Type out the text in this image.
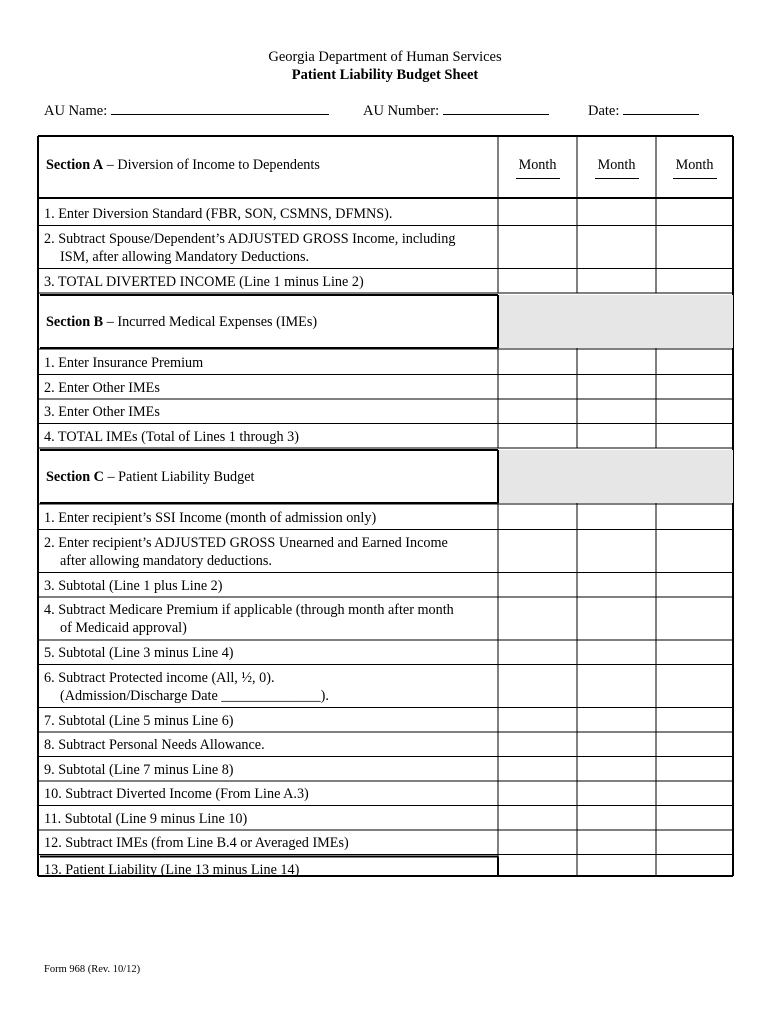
Georgia Department of Human Services
Patient Liability Budget Sheet
AU Name:	AU Number:	Date:
Section A – Diversion of Income to Dependents	Month	Month	Month
1. Enter Diversion Standard (FBR, SON, CSMNS, DFMNS).
2. Subtract Spouse/Dependent’s ADJUSTED GROSS Income, including
ISM, after allowing Mandatory Deductions.
3. TOTAL DIVERTED INCOME (Line 1 minus Line 2)
Section B – Incurred Medical Expenses (IMEs)
1. Enter Insurance Premium
2. Enter Other IMEs
3. Enter Other IMEs
4. TOTAL IMEs (Total of Lines 1 through 3)
Section C – Patient Liability Budget
1. Enter recipient’s SSI Income (month of admission only)
2. Enter recipient’s ADJUSTED GROSS Unearned and Earned Income
after allowing mandatory deductions.
3. Subtotal (Line 1 plus Line 2)
4. Subtract Medicare Premium if applicable (through month after month
of Medicaid approval)
5. Subtotal (Line 3 minus Line 4)
6. Subtract Protected income (All, ½, 0).
(Admission/Discharge Date ______________).
7. Subtotal (Line 5 minus Line 6)
8. Subtract Personal Needs Allowance.
9. Subtotal (Line 7 minus Line 8)
10. Subtract Diverted Income (From Line A.3)
11. Subtotal (Line 9 minus Line 10)
12. Subtract IMEs (from Line B.4 or Averaged IMEs)
13. Patient Liability (Line 13 minus Line 14)
Form 968 (Rev. 10/12)
